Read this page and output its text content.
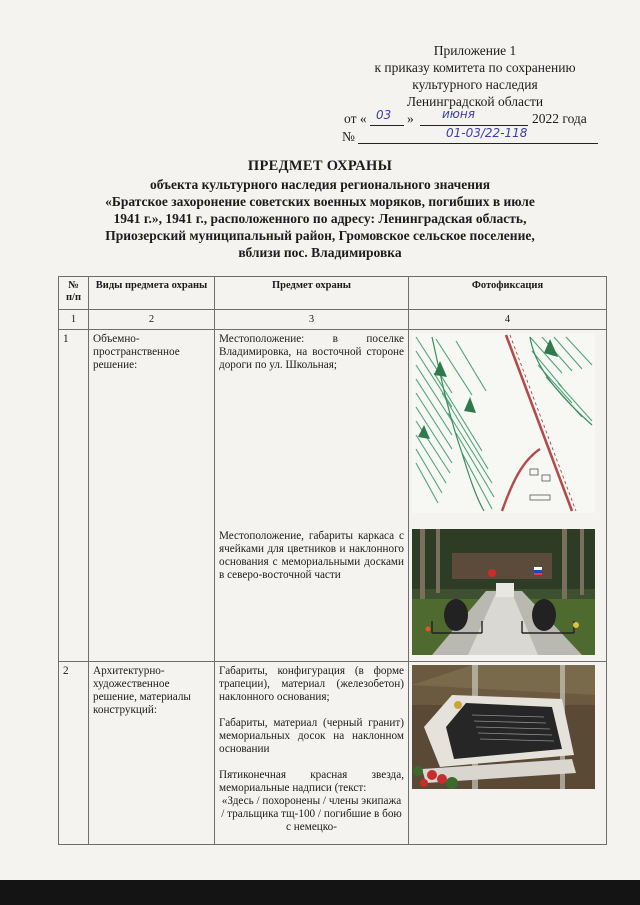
Приложение 1
к приказу комитета по сохранению
культурного наследия
Ленинградской области
от « 03 » июня	2022 года
№	01-03/22-118
ПРЕДМЕТ ОХРАНЫ
объекта культурного наследия регионального значения
«Братское захоронение советских военных моряков, погибших в июле
1941 г.», 1941 г., расположенного по адресу: Ленинградская область,
Приозерский муниципальный район, Громовское сельское поселение,
вблизи пос. Владимировка
№ п/п	Виды предмета охраны	Предмет охраны	Фотофиксация
1	2	3	4
1	Объемно-пространственное решение:	Местоположение: в поселке Владимировка, на восточной стороне дороги по ул. Школьная;
Местоположение, габариты каркаса с ячейками для цветников и наклонного основания с мемориальными досками в северо-восточной части

2	Архитектурно-художественное решение, материалы конструкций:	Габариты, конфигурация (в форме трапеции), материал (железобетон) наклонного основания;
Габариты, материал (черный гранит) мемориальных досок на наклонном основании
Пятиконечная красная звезда, мемориальные надписи (текст:
«Здесь / похоронены / члены экипажа / тральщика тщ-100 / погибшие в бою с немецко-
